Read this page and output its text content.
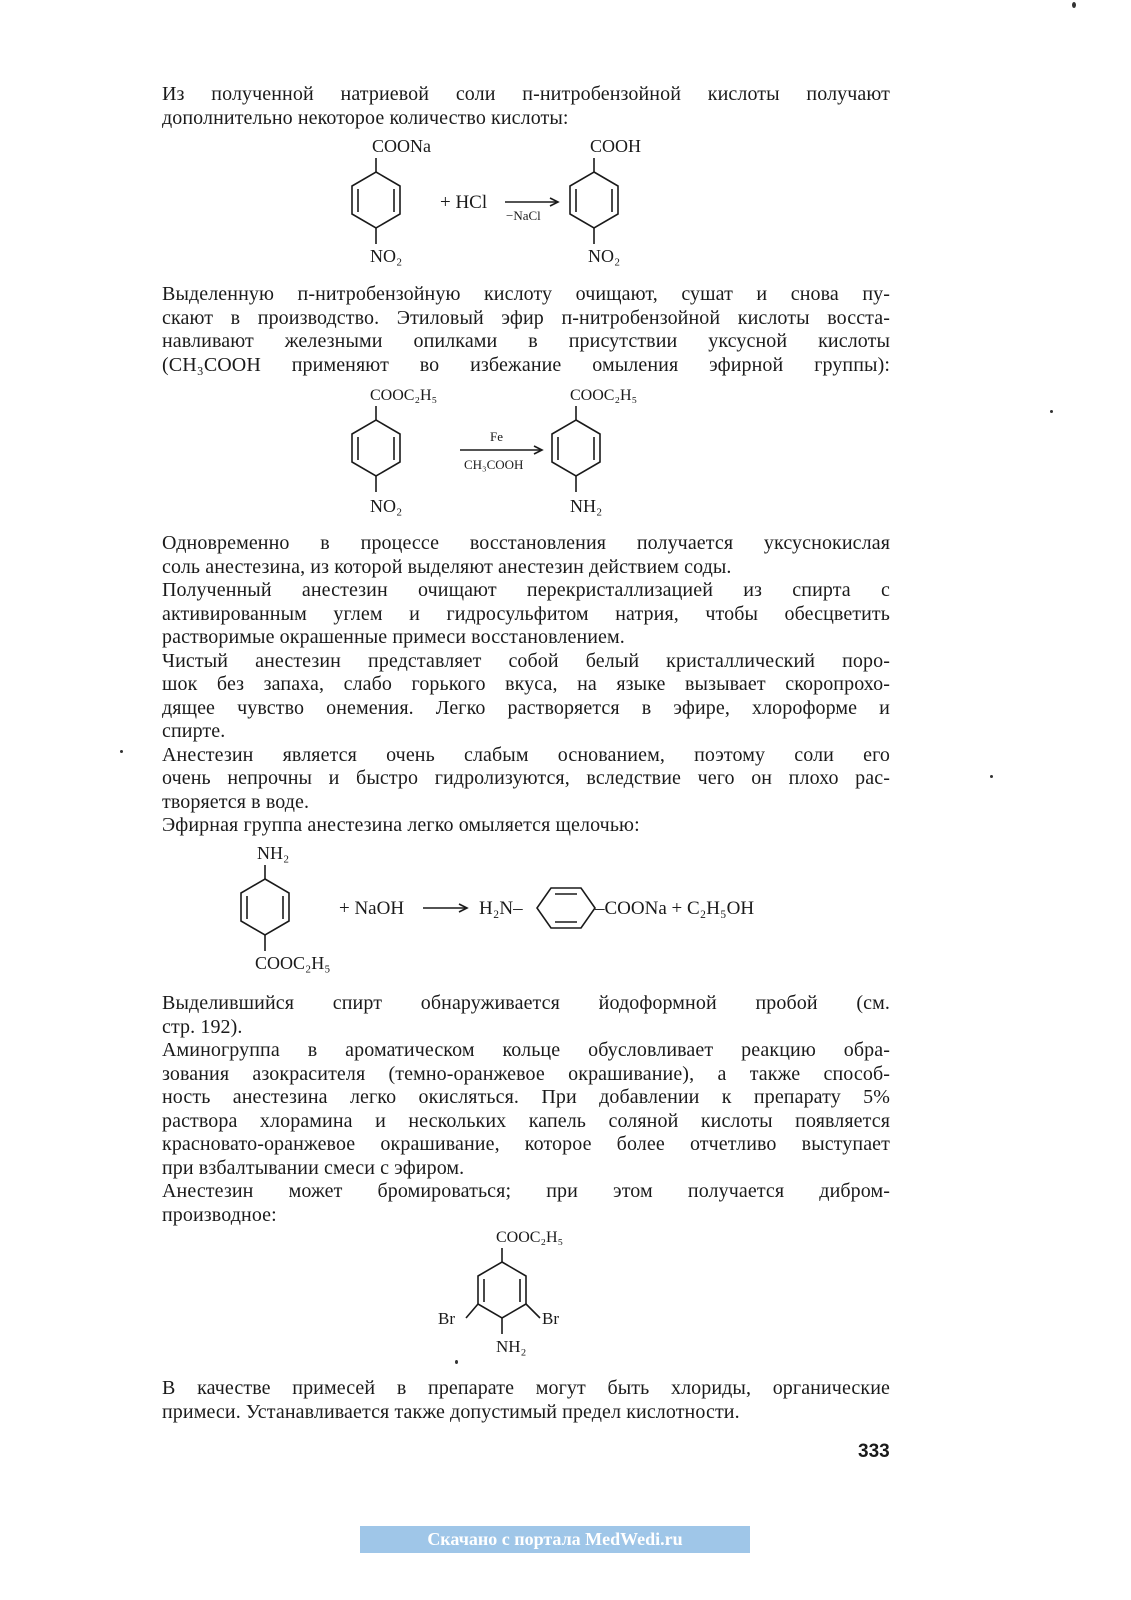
Из полученной натриевой соли п-нитробензойной кислоты получают
дополнительно некоторое количество кислоты:
COONa
NO₂
+ HCl
−NaCl
COOH
NO₂
Выделенную п-нитробензойную кислоту очищают, сушат и снова пу-
скают в производство. Этиловый эфир п-нитробензойной кислоты восста-
навливают железными опилками в присутствии уксусной кислоты
(CH₃COOH применяют во избежание омыления эфирной группы):
COOC₂H₅
NO₂
Fe
CH₃COOH
COOC₂H₅
NH₂
Одновременно в процессе восстановления получается уксуснокислая
соль анестезина, из которой выделяют анестезин действием соды.
Полученный анестезин очищают перекристаллизацией из спирта с
активированным углем и гидросульфитом натрия, чтобы обесцветить
растворимые окрашенные примеси восстановлением.
Чистый анестезин представляет собой белый кристаллический поро-
шок без запаха, слабо горького вкуса, на языке вызывает скоропрохо-
дящее чувство онемения. Легко растворяется в эфире, хлороформе и
спирте.
Анестезин является очень слабым основанием, поэтому соли его
очень непрочны и быстро гидролизуются, вследствие чего он плохо рас-
творяется в воде.
Эфирная группа анестезина легко омыляется щелочью:
NH₂
COOC₂H₅
+ NaOH	H₂N–	–COONa + C₂H₅OH
Выделившийся спирт обнаруживается йодоформной пробой (см.
стр. 192).
Аминогруппа в ароматическом кольце обусловливает реакцию обра-
зования азокрасителя (темно-оранжевое окрашивание), а также способ-
ность анестезина легко окисляться. При добавлении к препарату 5%
раствора хлорамина и нескольких капель соляной кислоты появляется
красновато-оранжевое окрашивание, которое более отчетливо выступает
при взбалтывании смеси с эфиром.
Анестезин может бромироваться; при этом получается дибром-
производное:
COOC₂H₅
Br	Br
NH₂
В качестве примесей в препарате могут быть хлориды, органические
примеси. Устанавливается также допустимый предел кислотности.
333
Скачано с портала MedWedi.ru
